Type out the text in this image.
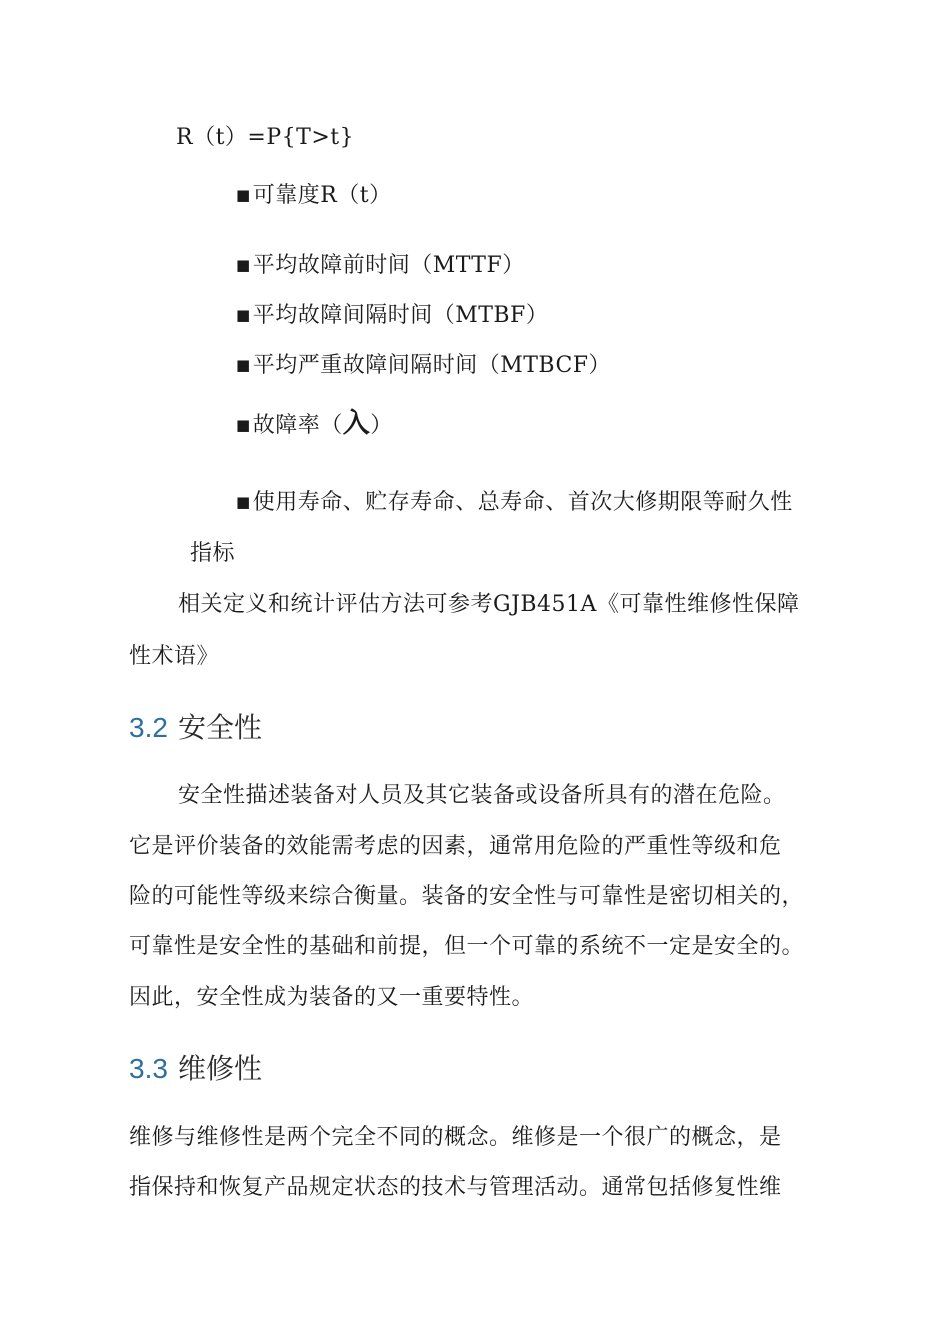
R（t）=P{T>t}
■可靠度R（t）
■平均故障前时间（MTTF）
■平均故障间隔时间（MTBF）
■平均严重故障间隔时间（MTBCF）
■故障率（入）
■使用寿命、贮存寿命、总寿命、首次大修期限等耐久性
指标
相关定义和统计评估方法可参考GJB451A《可靠性维修性保障
性术语》
3.2 安全性
安全性描述装备对人员及其它装备或设备所具有的潜在危险。
它是评价装备的效能需考虑的因素，通常用危险的严重性等级和危
险的可能性等级来综合衡量。装备的安全性与可靠性是密切相关的，
可靠性是安全性的基础和前提，但一个可靠的系统不一定是安全的。
因此，安全性成为装备的又一重要特性。
3.3 维修性
维修与维修性是两个完全不同的概念。维修是一个很广的概念，是
指保持和恢复产品规定状态的技术与管理活动。通常包括修复性维
